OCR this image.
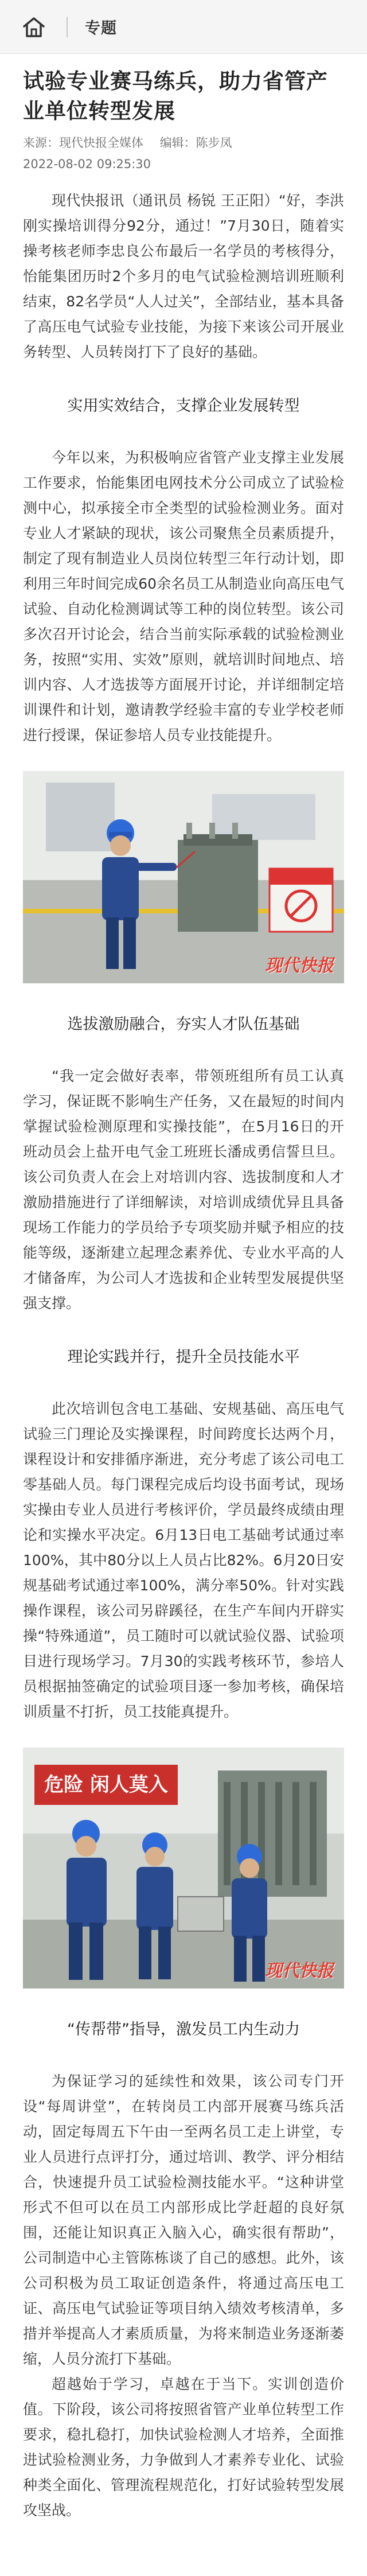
专题
试验专业赛马练兵，助力省管产业单位转型发展
来源：现代快报全媒体 编辑：陈步凤
2022-08-02 09:25:30

现代快报讯（通讯员 杨锐 王正阳）“好，李洪刚实操培训得分92分，通过！”7月30日，随着实操考核老师李忠良公布最后一名学员的考核得分，怡能集团历时2个多月的电气试验检测培训班顺利结束，82名学员“人人过关”，全部结业，基本具备了高压电气试验专业技能，为接下来该公司开展业务转型、人员转岗打下了良好的基础。

实用实效结合，支撑企业发展转型

今年以来，为积极响应省管产业支撑主业发展工作要求，怡能集团电网技术分公司成立了试验检测中心，拟承接全市全类型的试验检测业务。面对专业人才紧缺的现状，该公司聚焦全员素质提升，制定了现有制造业人员岗位转型三年行动计划，即利用三年时间完成60余名员工从制造业向高压电气试验、自动化检测调试等工种的岗位转型。该公司多次召开讨论会，结合当前实际承载的试验检测业务，按照“实用、实效”原则，就培训时间地点、培训内容、人才选拔等方面展开讨论，并详细制定培训课件和计划，邀请教学经验丰富的专业学校老师进行授课，保证参培人员专业技能提升。

现代快报
选拔激励融合，夯实人才队伍基础

“我一定会做好表率，带领班组所有员工认真学习，保证既不影响生产任务，又在最短的时间内掌握试验检测原理和实操技能”，在5月16日的开班动员会上盐开电气金工班班长潘成勇信誓旦旦。该公司负责人在会上对培训内容、选拔制度和人才激励措施进行了详细解读，对培训成绩优异且具备现场工作能力的学员给予专项奖励并赋予相应的技能等级，逐渐建立起理念素养优、专业水平高的人才储备库，为公司人才选拔和企业转型发展提供坚强支撑。

理论实践并行，提升全员技能水平

此次培训包含电工基础、安规基础、高压电气试验三门理论及实操课程，时间跨度长达两个月，课程设计和安排循序渐进，充分考虑了该公司电工零基础人员。每门课程完成后均设书面考试，现场实操由专业人员进行考核评价，学员最终成绩由理论和实操水平决定。6月13日电工基础考试通过率100%，其中80分以上人员占比82%。6月20日安规基础考试通过率100%，满分率50%。针对实践操作课程，该公司另辟蹊径，在生产车间内开辟实操“特殊通道”，员工随时可以就试验仪器、试验项目进行现场学习。7月30的实践考核环节，参培人员根据抽签确定的试验项目逐一参加考核，确保培训质量不打折，员工技能真提升。

危险 闲人莫入
现代快报
“传帮带”指导，激发员工内生动力

为保证学习的延续性和效果，该公司专门开设“每周讲堂”，在转岗员工内部开展赛马练兵活动，固定每周五下午由一至两名员工走上讲堂，专业人员进行点评打分，通过培训、教学、评分相结合，快速提升员工试验检测技能水平。“这种讲堂形式不但可以在员工内部形成比学赶超的良好氛围，还能让知识真正入脑入心，确实很有帮助”，公司制造中心主管陈栋谈了自己的感想。此外，该公司积极为员工取证创造条件，将通过高压电工证、高压电气试验证等项目纳入绩效考核清单，多措并举提高人才素质质量，为将来制造业务逐渐萎缩，人员分流打下基础。

超越始于学习，卓越在于当下。实训创造价值。下阶段，该公司将按照省管产业单位转型工作要求，稳扎稳打，加快试验检测人才培养，全面推进试验检测业务，力争做到人才素养专业化、试验种类全面化、管理流程规范化，打好试验转型发展攻坚战。
